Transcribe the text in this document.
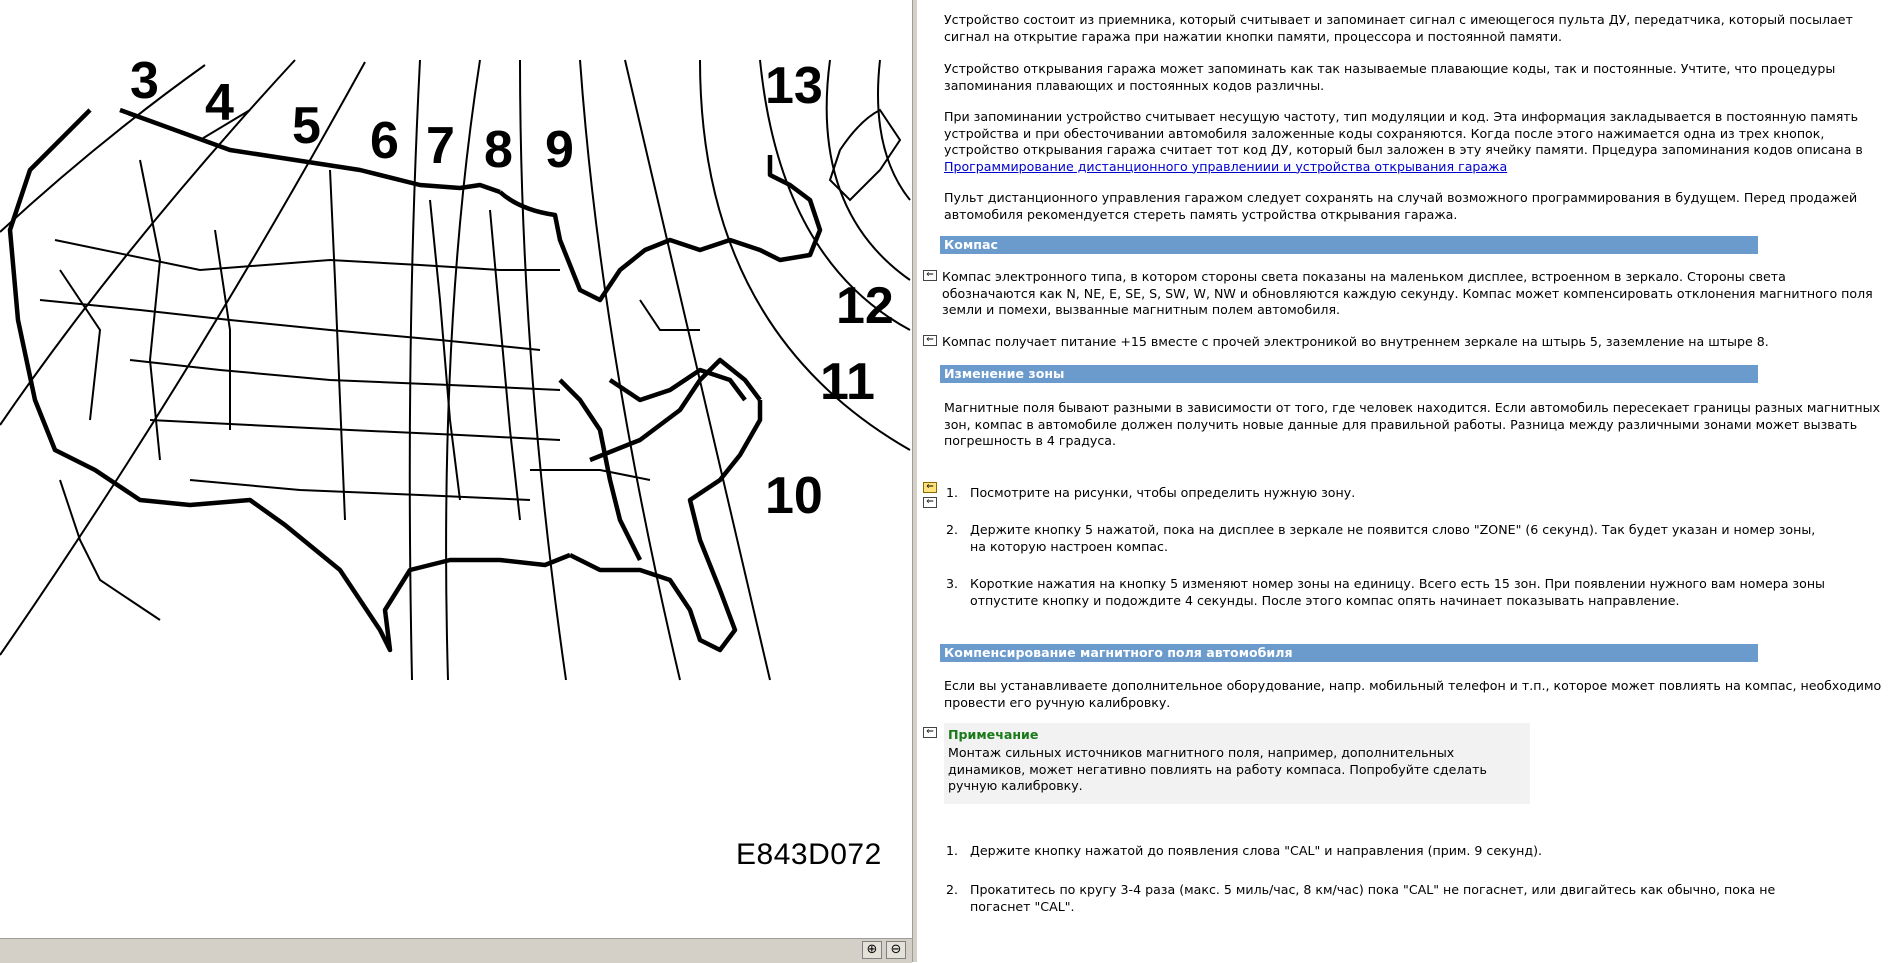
3 4 5 6 7 8 9
13
12
11
10
E843D072
⊕	⊖

Устройство состоит из приемника, который считывает и запоминает сигнал с имеющегося пульта ДУ, передатчика, который посылает сигнал на открытие гаража при нажатии кнопки памяти, процессора и постоянной памяти.

Устройство открывания гаража может запоминать как так называемые плавающие коды, так и постоянные. Учтите, что процедуры запоминания плавающих и постоянных кодов различны.

При запоминании устройство считывает несущую частоту, тип модуляции и код. Эта информация закладывается в постоянную память устройства и при обесточивании автомобиля заложенные коды сохраняются. Когда после этого нажимается одна из трех кнопок, устройство открывания гаража считает тот код ДУ, который был заложен в эту ячейку памяти. Прцедура запоминания кодов описана в Программирование дистанционного управлениии и устройства открывания гаража

Пульт дистанционного управления гаражом следует сохранять на случай возможного программирования в будущем. Перед продажей автомобиля рекомендуется стереть память устройства открывания гаража.

Компас
⇐ Компас электронного типа, в котором стороны света показаны на маленьком дисплее, встроенном в зеркало. Стороны света обозначаются как N, NE, E, SE, S, SW, W, NW и обновляются каждую секунду. Компас может компенсировать отклонения магнитного поля земли и помехи, вызванные магнитным полем автомобиля.

⇐ Компас получает питание +15 вместе с прочей электроникой во внутреннем зеркале на штырь 5, заземление на штыре 8.

Изменение зоны

Магнитные поля бывают разными в зависимости от того, где человек находится. Если автомобиль пересекает границы разных магнитных зон, компас в автомобиле должен получить новые данные для правильной работы. Разница между различными зонами может вызвать погрешность в 4 градуса.

⇐
⇐
1. Посмотрите на рисунки, чтобы определить нужную зону.

2. Держите кнопку 5 нажатой, пока на дисплее в зеркале не появится слово "ZONE" (6 секунд). Так будет указан и номер зоны, на которую настроен компас.

3. Короткие нажатия на кнопку 5 изменяют номер зоны на единицу. Всего есть 15 зон. При появлении нужного вам номера зоны отпустите кнопку и подождите 4 секунды. После этого компас опять начинает показывать направление.

Компенсирование магнитного поля автомобиля

Если вы устанавливаете дополнительное оборудование, напр. мобильный телефон и т.п., которое может повлиять на компас, необходимо провести его ручную калибровку.

⇐ Примечание

Монтаж сильных источников магнитного поля, например, дополнительных динамиков, может негативно повлиять на работу компаса. Попробуйте сделать ручную калибровку.

1. Держите кнопку нажатой до появления слова "CAL" и направления (прим. 9 секунд).

2. Прокатитесь по кругу 3-4 раза (макс. 5 миль/час, 8 км/час) пока "CAL" не погаснет, или двигайтесь как обычно, пока не погаснет "CAL".
